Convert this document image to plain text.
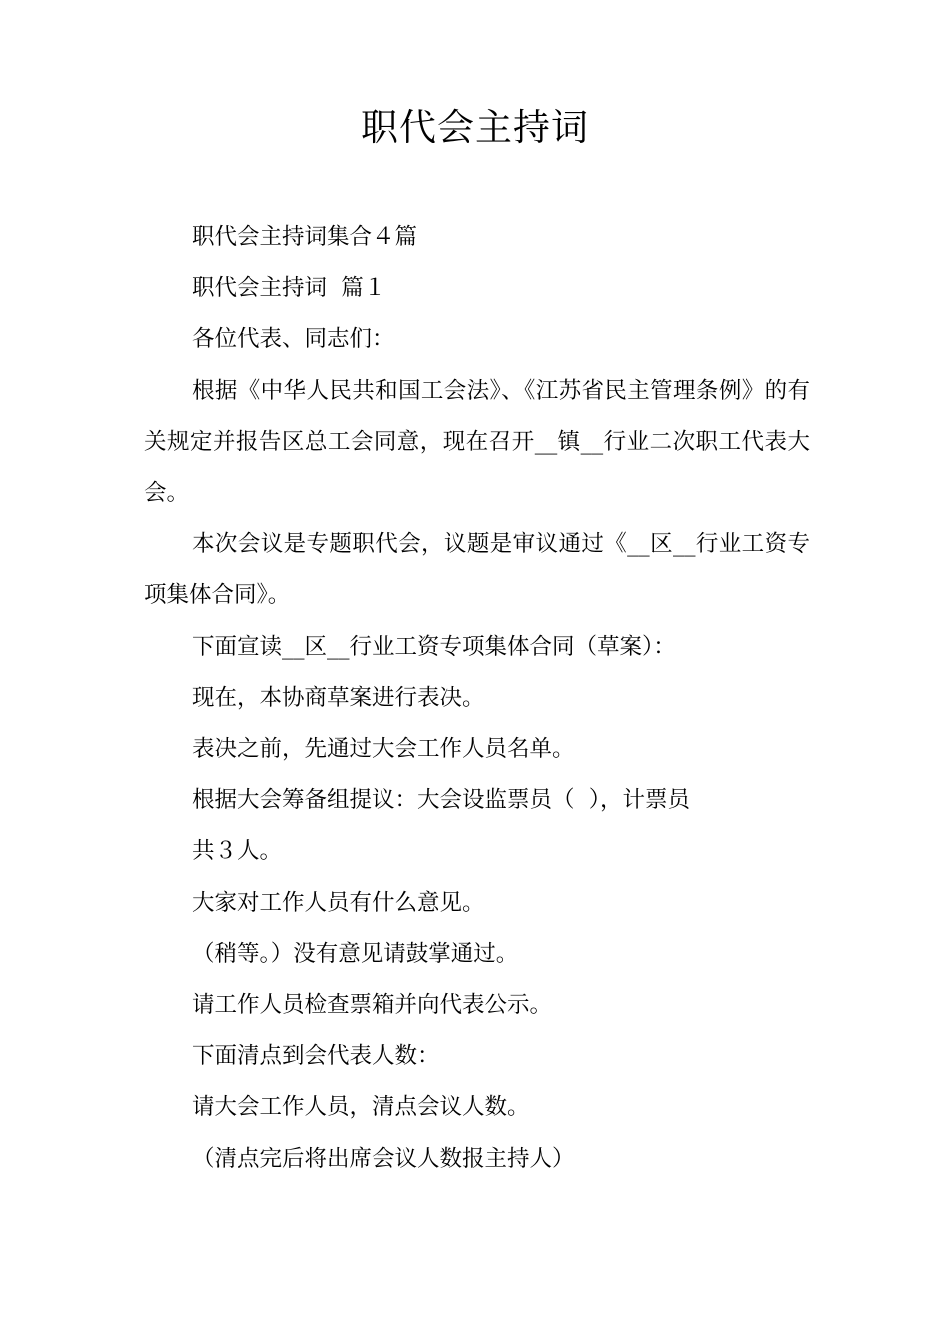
职代会主持词

职代会主持词集合４篇

职代会主持词  篇１

各位代表、同志们：

根据《中华人民共和国工会法》、《江苏省民主管理条例》的有关规定并报告区总工会同意，现在召开__镇__行业二次职工代表大会。

本次会议是专题职代会，议题是审议通过《__区__行业工资专项集体合同》。

下面宣读__区__行业工资专项集体合同（草案）：

现在，本协商草案进行表决。

表决之前，先通过大会工作人员名单。

根据大会筹备组提议：大会设监票员（  ），计票员

共３人。

大家对工作人员有什么意见。

（稍等。）没有意见请鼓掌通过。

请工作人员检查票箱并向代表公示。

下面清点到会代表人数：

请大会工作人员，清点会议人数。

（清点完后将出席会议人数报主持人）
